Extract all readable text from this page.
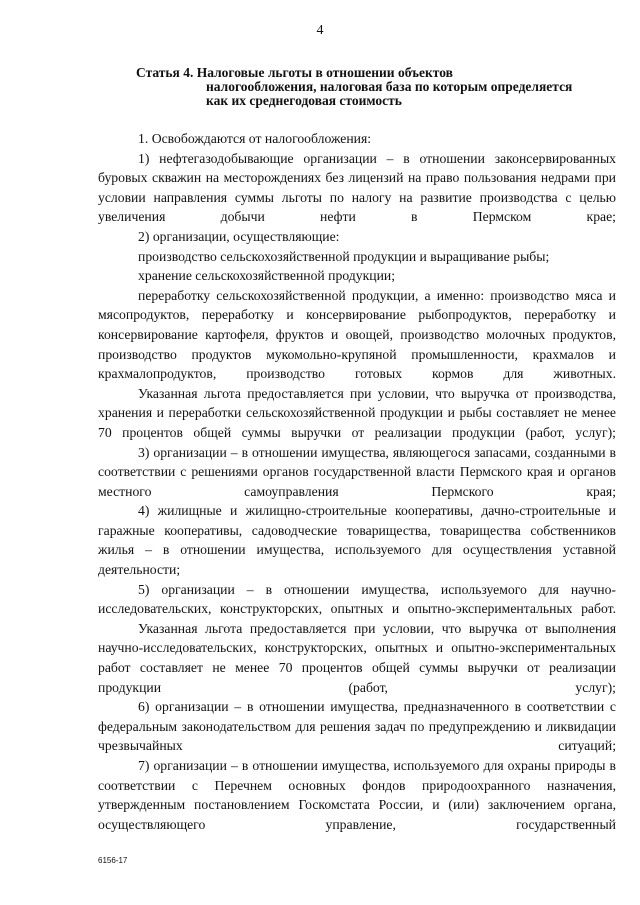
4
Статья 4. Налоговые льготы в отношении объектов
налогообложения, налоговая база по которым определяется
как их среднегодовая стоимость

1. Освобождаются от налогообложения:

1) нефтегазодобывающие организации – в отношении законсервированных буровых скважин на месторождениях без лицензий на право пользования недрами при условии направления суммы льготы по налогу на развитие производства с целью увеличения добычи нефти в Пермском крае;

2) организации, осуществляющие:

производство сельскохозяйственной продукции и выращивание рыбы;

хранение сельскохозяйственной продукции;

переработку сельскохозяйственной продукции, а именно: производство мяса и мясопродуктов, переработку и консервирование рыбопродуктов, переработку и консервирование картофеля, фруктов и овощей, производство молочных продуктов, производство продуктов мукомольно-крупяной промышленности, крахмалов и крахмалопродуктов, производство готовых кормов для животных.

Указанная льгота предоставляется при условии, что выручка от производства, хранения и переработки сельскохозяйственной продукции и рыбы составляет не менее 70 процентов общей суммы выручки от реализации продукции (работ, услуг);

3) организации – в отношении имущества, являющегося запасами, созданными в соответствии с решениями органов государственной власти Пермского края и органов местного самоуправления Пермского края;

4) жилищные и жилищно-строительные кооперативы, дачно-строительные и гаражные кооперативы, садоводческие товарищества, товарищества собственников жилья – в отношении имущества, используемого для осуществления уставной деятельности;

5) организации – в отношении имущества, используемого для научно-исследовательских, конструкторских, опытных и опытно-экспериментальных работ.

Указанная льгота предоставляется при условии, что выручка от выполнения научно-исследовательских, конструкторских, опытных и опытно-экспериментальных работ составляет не менее 70 процентов общей суммы выручки от реализации продукции (работ, услуг);

6) организации – в отношении имущества, предназначенного в соответствии с федеральным законодательством для решения задач по предупреждению и ликвидации чрезвычайных ситуаций;

7) организации – в отношении имущества, используемого для охраны природы в соответствии с Перечнем основных фондов природоохранного назначения, утвержденным постановлением Госкомстата России, и (или) заключением органа, осуществляющего управление, государственный

6156-17
